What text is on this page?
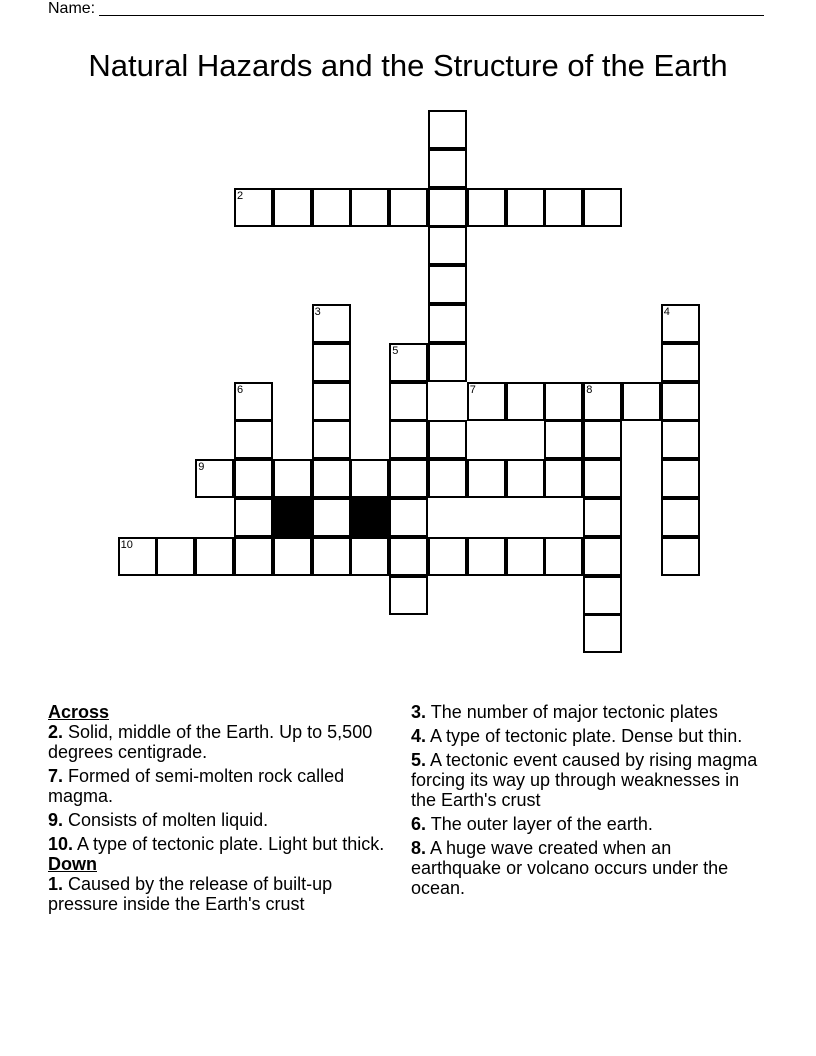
Name:
Natural Hazards and the Structure of the Earth
2
3	4
5
6	7	8
9
10
Across
2. Solid, middle of the Earth. Up to 5,500 degrees centigrade.
7. Formed of semi-molten rock called magma.
9. Consists of molten liquid.
10. A type of tectonic plate. Light but thick.
Down
1. Caused by the release of built-up pressure inside the Earth's crust
3. The number of major tectonic plates
4. A type of tectonic plate. Dense but thin.
5. A tectonic event caused by rising magma forcing its way up through weaknesses in the Earth's crust
6. The outer layer of the earth.
8. A huge wave created when an earthquake or volcano occurs under the ocean.
